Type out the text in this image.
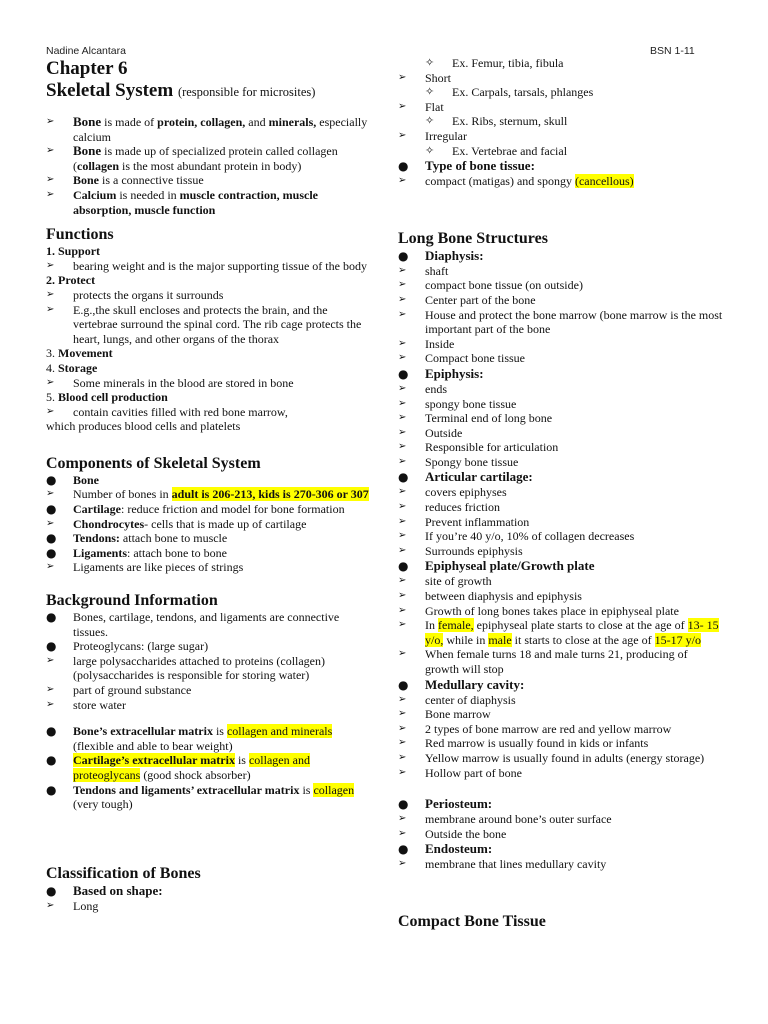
Nadine Alcantara	BSN 1-11
Chapter 6
Skeletal System (responsible for microsites)
➢ Bone is made of protein, collagen, and minerals, especially calcium
➢ Bone is made up of specialized protein called collagen (collagen is the most abundant protein in body)
➢ Bone is a connective tissue
➢ Calcium is needed in muscle contraction, muscle absorption, muscle function
Functions
1. Support
➢ bearing weight and is the major supporting tissue of the body
2. Protect
➢ protects the organs it surrounds
➢ E.g.,the skull encloses and protects the brain, and the vertebrae surround the spinal cord. The rib cage protects the heart, lungs, and other organs of the thorax
3. Movement
4. Storage
➢ Some minerals in the blood are stored in bone
5. Blood cell production
➢ contain cavities filled with red bone marrow,
which produces blood cells and platelets
Components of Skeletal System
● Bone
➢ Number of bones in adult is 206-213, kids is 270-306 or 307
● Cartilage: reduce friction and model for bone formation
➢ Chondrocytes- cells that is made up of cartilage
● Tendons: attach bone to muscle
● Ligaments: attach bone to bone
➢ Ligaments are like pieces of strings
Background Information
● Bones, cartilage, tendons, and ligaments are connective tissues.
● Proteoglycans: (large sugar)
➢ large polysaccharides attached to proteins (collagen) (polysaccharides is responsible for storing water)
➢ part of ground substance
➢ store water
● Bone’s extracellular matrix is collagen and minerals (flexible and able to bear weight)
● Cartilage’s extracellular matrix is collagen and proteoglycans (good shock absorber)
● Tendons and ligaments’ extracellular matrix is collagen (very tough)
Classification of Bones
● Based on shape:
➢ Long
✧ Ex. Femur, tibia, fibula
➢ Short
✧ Ex. Carpals, tarsals, phlanges
➢ Flat
✧ Ex. Ribs, sternum, skull
➢ Irregular
✧ Ex. Vertebrae and facial
● Type of bone tissue:
➢ compact (matigas) and spongy (cancellous)
Long Bone Structures
● Diaphysis:
➢ shaft
➢ compact bone tissue (on outside)
➢ Center part of the bone
➢ House and protect the bone marrow (bone marrow is the most important part of the bone
➢ Inside
➢ Compact bone tissue
● Epiphysis:
➢ ends
➢ spongy bone tissue
➢ Terminal end of long bone
➢ Outside
➢ Responsible for articulation
➢ Spongy bone tissue
● Articular cartilage:
➢ covers epiphyses
➢ reduces friction
➢ Prevent inflammation
➢ If you’re 40 y/o, 10% of collagen decreases
➢ Surrounds epiphysis
● Epiphyseal plate/Growth plate
➢ site of growth
➢ between diaphysis and epiphysis
➢ Growth of long bones takes place in epiphyseal plate
➢ In female, epiphyseal plate starts to close at the age of 13- 15 y/o, while in male it starts to close at the age of 15-17 y/o
➢ When female turns 18 and male turns 21, producing of growth will stop
● Medullary cavity:
➢ center of diaphysis
➢ Bone marrow
➢ 2 types of bone marrow are red and yellow marrow
➢ Red marrow is usually found in kids or infants
➢ Yellow marrow is usually found in adults (energy storage)
➢ Hollow part of bone
● Periosteum:
➢ membrane around bone’s outer surface
➢ Outside the bone
● Endosteum:
➢ membrane that lines medullary cavity
Compact Bone Tissue
